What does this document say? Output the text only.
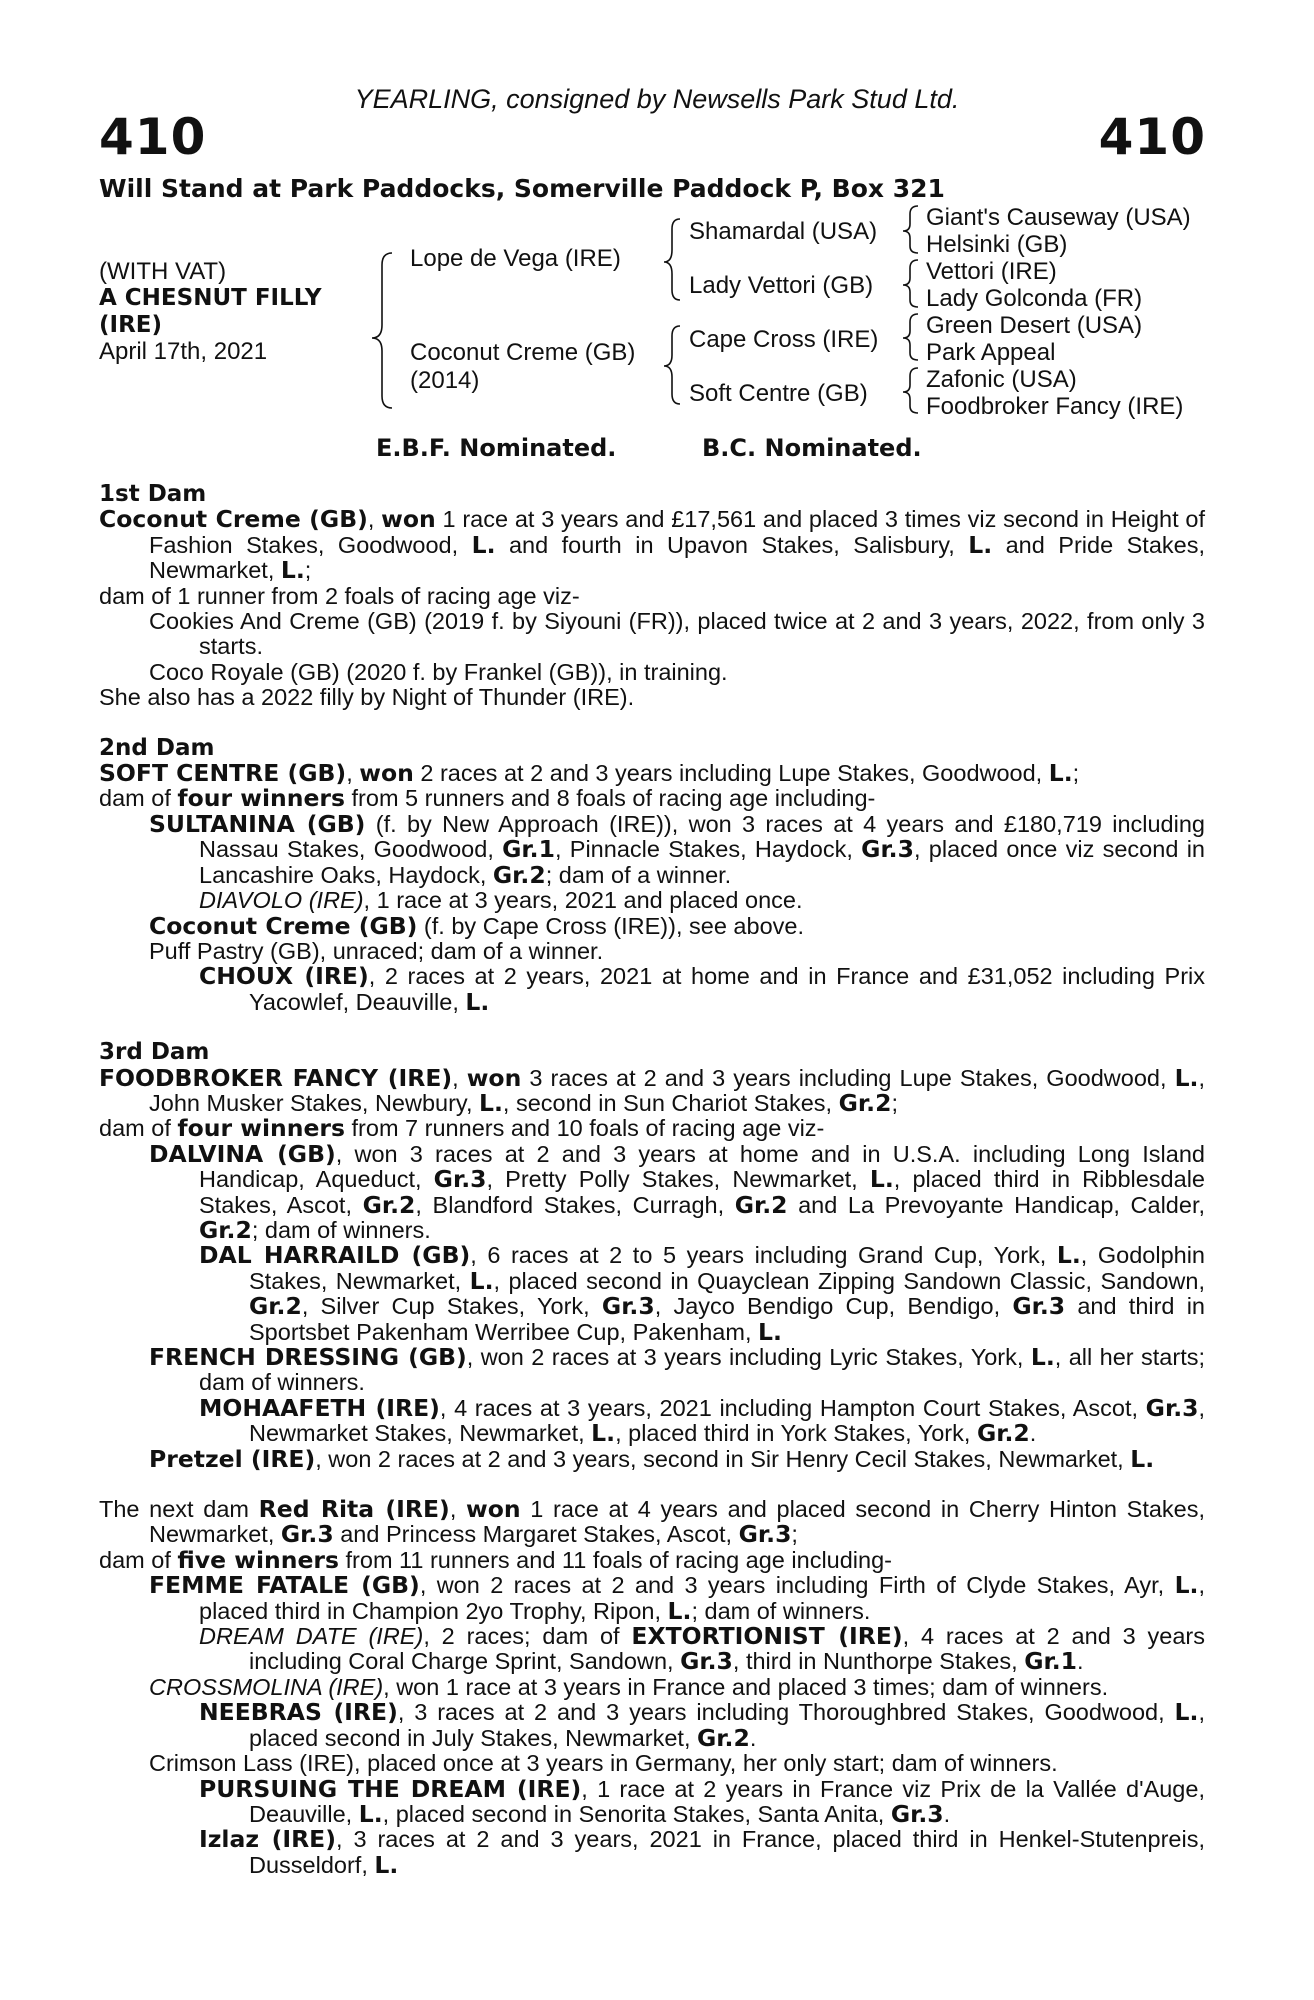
YEARLING, consigned by Newsells Park Stud Ltd.
410	410
Will Stand at Park Paddocks, Somerville Paddock P, Box 321
(WITH VAT)
A CHESNUT FILLY
(IRE)
April 17th, 2021
Lope de Vega (IRE)
Coconut Creme (GB)
(2014)
Shamardal (USA)
Lady Vettori (GB)
Cape Cross (IRE)
Soft Centre (GB)
Giant's Causeway (USA)
Helsinki (GB)
Vettori (IRE)
Lady Golconda (FR)
Green Desert (USA)
Park Appeal
Zafonic (USA)
Foodbroker Fancy (IRE)
E.B.F. Nominated.	B.C. Nominated.

1st Dam

Coconut Creme (GB), won 1 race at 3 years and £17,561 and placed 3 times viz second in Height of Fashion Stakes, Goodwood, L. and fourth in Upavon Stakes, Salisbury, L. and Pride Stakes, Newmarket, L.;

dam of 1 runner from 2 foals of racing age viz-

Cookies And Creme (GB) (2019 f. by Siyouni (FR)), placed twice at 2 and 3 years, 2022, from only 3 starts.

Coco Royale (GB) (2020 f. by Frankel (GB)), in training.

She also has a 2022 filly by Night of Thunder (IRE).

2nd Dam

SOFT CENTRE (GB), won 2 races at 2 and 3 years including Lupe Stakes, Goodwood, L.;

dam of four winners from 5 runners and 8 foals of racing age including-

SULTANINA (GB) (f. by New Approach (IRE)), won 3 races at 4 years and £180,719 including Nassau Stakes, Goodwood, Gr.1, Pinnacle Stakes, Haydock, Gr.3, placed once viz second in Lancashire Oaks, Haydock, Gr.2; dam of a winner.

DIAVOLO (IRE), 1 race at 3 years, 2021 and placed once.

Coconut Creme (GB) (f. by Cape Cross (IRE)), see above.

Puff Pastry (GB), unraced; dam of a winner.

CHOUX (IRE), 2 races at 2 years, 2021 at home and in France and £31,052 including Prix Yacowlef, Deauville, L.

3rd Dam

FOODBROKER FANCY (IRE), won 3 races at 2 and 3 years including Lupe Stakes, Goodwood, L., John Musker Stakes, Newbury, L., second in Sun Chariot Stakes, Gr.2;

dam of four winners from 7 runners and 10 foals of racing age viz-

DALVINA (GB), won 3 races at 2 and 3 years at home and in U.S.A. including Long Island Handicap, Aqueduct, Gr.3, Pretty Polly Stakes, Newmarket, L., placed third in Ribblesdale Stakes, Ascot, Gr.2, Blandford Stakes, Curragh, Gr.2 and La Prevoyante Handicap, Calder, Gr.2; dam of winners.

DAL HARRAILD (GB), 6 races at 2 to 5 years including Grand Cup, York, L., Godolphin Stakes, Newmarket, L., placed second in Quayclean Zipping Sandown Classic, Sandown, Gr.2, Silver Cup Stakes, York, Gr.3, Jayco Bendigo Cup, Bendigo, Gr.3 and third in Sportsbet Pakenham Werribee Cup, Pakenham, L.

FRENCH DRESSING (GB), won 2 races at 3 years including Lyric Stakes, York, L., all her starts; dam of winners.

MOHAAFETH (IRE), 4 races at 3 years, 2021 including Hampton Court Stakes, Ascot, Gr.3, Newmarket Stakes, Newmarket, L., placed third in York Stakes, York, Gr.2.

Pretzel (IRE), won 2 races at 2 and 3 years, second in Sir Henry Cecil Stakes, Newmarket, L.

The next dam Red Rita (IRE), won 1 race at 4 years and placed second in Cherry Hinton Stakes, Newmarket, Gr.3 and Princess Margaret Stakes, Ascot, Gr.3;

dam of five winners from 11 runners and 11 foals of racing age including-

FEMME FATALE (GB), won 2 races at 2 and 3 years including Firth of Clyde Stakes, Ayr, L., placed third in Champion 2yo Trophy, Ripon, L.; dam of winners.

DREAM DATE (IRE), 2 races; dam of EXTORTIONIST (IRE), 4 races at 2 and 3 years including Coral Charge Sprint, Sandown, Gr.3, third in Nunthorpe Stakes, Gr.1.

CROSSMOLINA (IRE), won 1 race at 3 years in France and placed 3 times; dam of winners.

NEEBRAS (IRE), 3 races at 2 and 3 years including Thoroughbred Stakes, Goodwood, L., placed second in July Stakes, Newmarket, Gr.2.

Crimson Lass (IRE), placed once at 3 years in Germany, her only start; dam of winners.

PURSUING THE DREAM (IRE), 1 race at 2 years in France viz Prix de la Vallée d'Auge, Deauville, L., placed second in Senorita Stakes, Santa Anita, Gr.3.

Izlaz (IRE), 3 races at 2 and 3 years, 2021 in France, placed third in Henkel-Stutenpreis, Dusseldorf, L.
